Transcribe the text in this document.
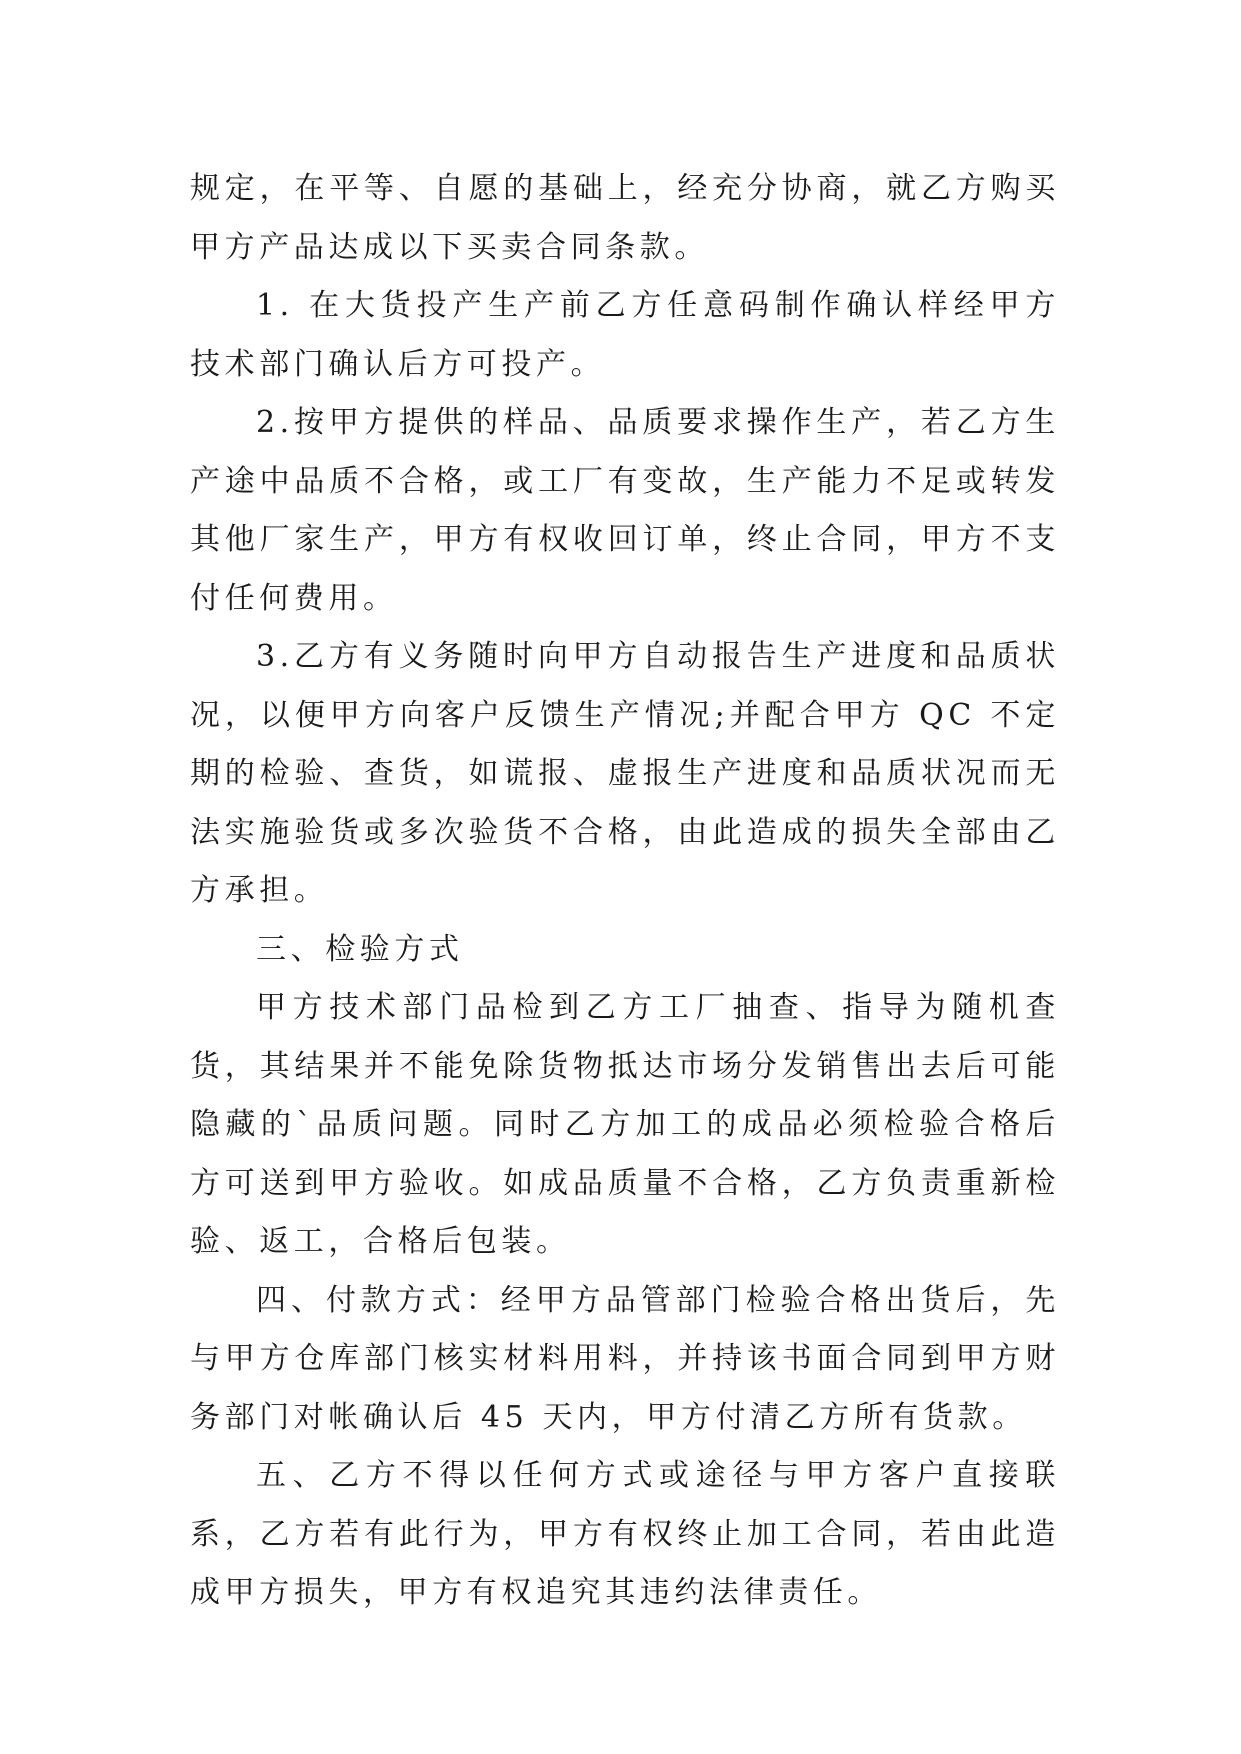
规定，在平等、自愿的基础上，经充分协商，就乙方购买甲方产品达成以下买卖合同条款。

1. 在大货投产生产前乙方任意码制作确认样经甲方技术部门确认后方可投产。

2.按甲方提供的样品、品质要求操作生产，若乙方生产途中品质不合格，或工厂有变故，生产能力不足或转发其他厂家生产，甲方有权收回订单，终止合同，甲方不支 付任何费用。

3.乙方有义务随时向甲方自动报告生产进度和品质状况，以便甲方向客户反馈生产情况;并配合甲方 QC 不定期的检验、查货，如谎报、虚报生产进度和品质状况而无法实施验货或多次验货不合格，由此造成的损失全部由乙方承担。

三、检验方式

甲方技术部门品检到乙方工厂抽查、指导为随机查货，其结果并不能免除货物抵达市场分发销售出去后可能隐藏的`品质问题。同时乙方加工的成品必须检验合格后方可送到甲方验收。如成品质量不合格，乙方负责重新检验、返工，合格后包装。

四、付款方式：经甲方品管部门检验合格出货后，先与甲方仓库部门核实材料用料，并持该书面合同到甲方财务部门对帐确认后 45 天内，甲方付清乙方所有货款。

五、乙方不得以任何方式或途径与甲方客户直接联系，乙方若有此行为，甲方有权终止加工合同，若由此造成甲方损失，甲方有权追究其违约法律责任。
